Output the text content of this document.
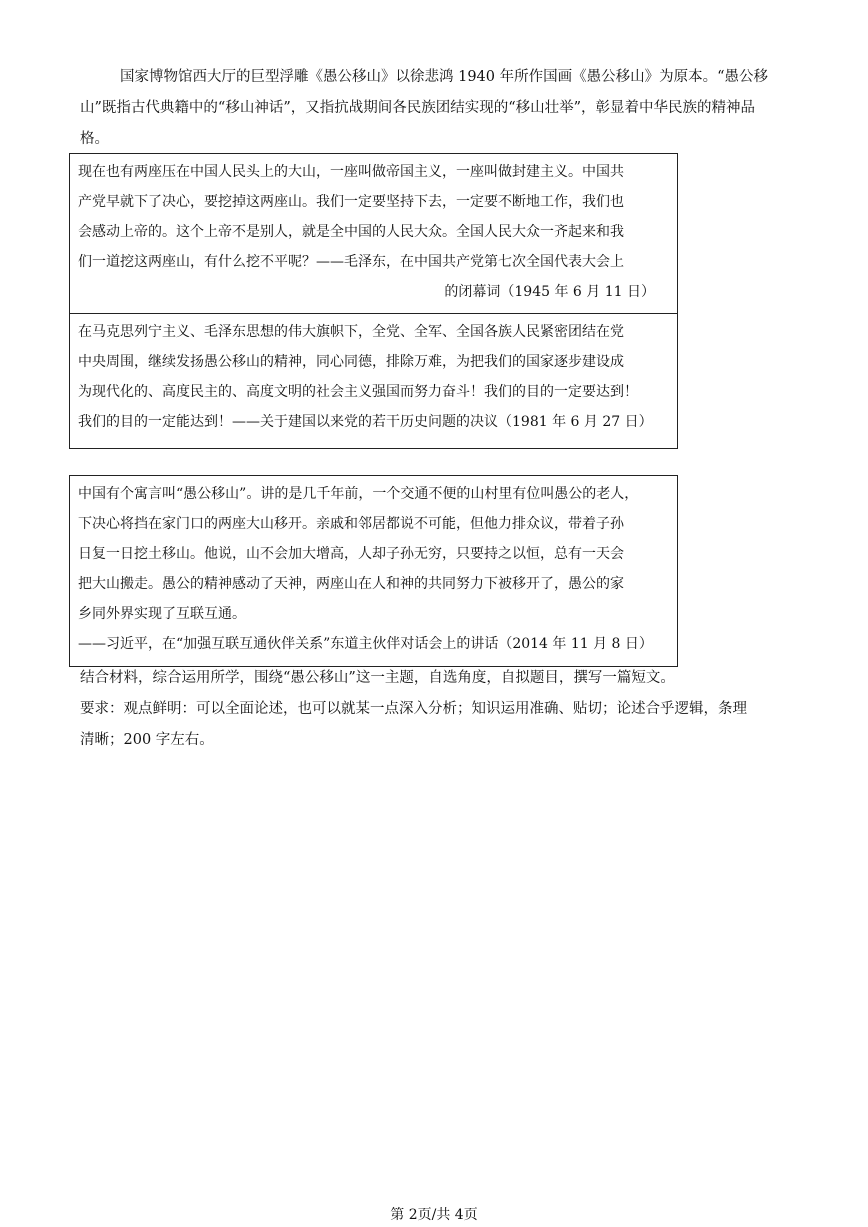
国家博物馆西大厅的巨型浮雕《愚公移山》以徐悲鸿 1940 年所作国画《愚公移山》为原本。“愚公移

山”既指古代典籍中的“移山神话”，又指抗战期间各民族团结实现的“移山壮举”，彰显着中华民族的精神品

格。

现在也有两座压在中国人民头上的大山，一座叫做帝国主义，一座叫做封建主义。中国共
产党早就下了决心，要挖掉这两座山。我们一定要坚持下去，一定要不断地工作，我们也
会感动上帝的。这个上帝不是别人，就是全中国的人民大众。全国人民大众一齐起来和我
们一道挖这两座山，有什么挖不平呢？——毛泽东，在中国共产党第七次全国代表大会上
的闭幕词（1945 年 6 月 11 日）
在马克思列宁主义、毛泽东思想的伟大旗帜下，全党、全军、全国各族人民紧密团结在党
中央周围，继续发扬愚公移山的精神，同心同德，排除万难，为把我们的国家逐步建设成
为现代化的、高度民主的、高度文明的社会主义强国而努力奋斗！我们的目的一定要达到！
我们的目的一定能达到！——关于建国以来党的若干历史问题的决议（1981 年 6 月 27 日）
中国有个寓言叫“愚公移山”。讲的是几千年前，一个交通不便的山村里有位叫愚公的老人，
下决心将挡在家门口的两座大山移开。亲戚和邻居都说不可能，但他力排众议，带着子孙
日复一日挖土移山。他说，山不会加大增高，人却子孙无穷，只要持之以恒，总有一天会
把大山搬走。愚公的精神感动了天神，两座山在人和神的共同努力下被移开了，愚公的家
乡同外界实现了互联互通。
——习近平，在“加强互联互通伙伴关系”东道主伙伴对话会上的讲话（2014 年 11 月 8 日）

结合材料，综合运用所学，围绕“愚公移山”这一主题，自选角度，自拟题目，撰写一篇短文。

要求：观点鲜明：可以全面论述，也可以就某一点深入分析；知识运用准确、贴切；论述合乎逻辑，条理

清晰；200 字左右。

第 2页/共 4页
